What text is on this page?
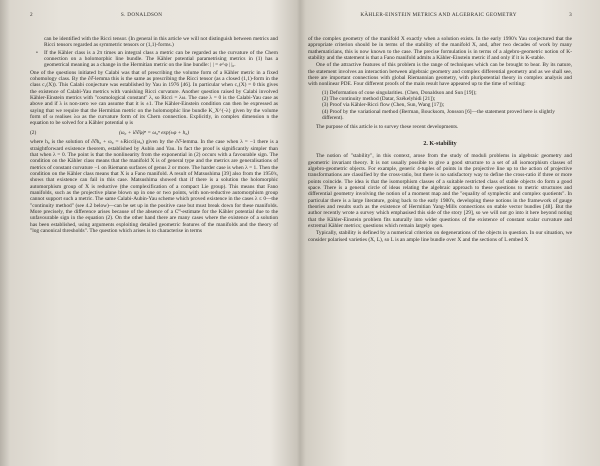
2	S. DONALDSON

can be identified with the Ricci tensor. (In general in this article we will not distinguish between metrics and Ricci tensors regarded as symmetric tensors or (1,1)-forms.)

• If the Kähler class is a 2π times an integral class a metric can be regarded as the curvature of the Chern connection on a holomorphic line bundle. The Kähler potential parametrising metrics in (1) has a geometrical meaning as a change in the Hermitian metric on the line bundle: | | = e^φ | |₀.

One of the questions initiated by Calabi was that of prescribing the volume form of a Kähler metric in a fixed cohomology class. By the ∂∂̄-lemma this is the same as prescribing the Ricci tensor (as a closed (1,1)-form in the class c₁(X)). This Calabi conjecture was established by Yau in 1976 [46]. In particular when c₁(X) = 0 this gives the existence of Calabi-Yau metrics with vanishing Ricci curvature. Another question raised by Calabi involved Kähler-Einstein metrics with "cosmological constant" λ, so Ricci = λω. The case λ = 0 is the Calabi-Yau case as above and if λ is non-zero we can assume that it is ±1. The Kähler-Einstein condition can then be expressed as saying that we require that the Hermitian metric on the holomorphic line bundle K_X^{-λ} given by the volume form of ω realises λω as the curvature form of its Chern connection. Explicitly, in complex dimension n the equation to be solved for a Kähler potential φ is

(2)	(ω₀ + i∂∂̄φ)ⁿ = ω₀ⁿ exp(±φ + h₀)

where h₀ is the solution of ∂∂̄h₀ + ω₀ = ±Ricci(ω₀) given by the ∂∂̄-lemma. In the case when λ = −1 there is a straightforward existence theorem, established by Aubin and Yau. In fact the proof is significantly simpler than that when λ = 0. The point is that the nonlinearity from the exponential in (2) occurs with a favourable sign. The condition on the Kähler class means that the manifold X is of general type and the metrics are generalisations of metrics of constant curvature −1 on Riemann surfaces of genus 2 or more. The harder case is when λ = 1. Then the condition on the Kähler class means that X is a Fano manifold. A result of Matsushima [39] also from the 1950's, shows that existence can fail in this case. Matsushima showed that if there is a solution the holomorphic automorphism group of X is reductive (the complexification of a compact Lie group). This means that Fano manifolds, such as the projective plane blown up in one or two points, with non-reductive automorphism group cannot support such a metric. The same Calabi-Aubin-Yau scheme which proved existence in the cases λ ≤ 0—the "continuity method" (see 4.2 below)—can be set up in the positive case but must break down for these manifolds. More precisely, the difference arises because of the absence of a C⁰-estimate for the Kähler potential due to the unfavourable sign in the equation (2). On the other hand there are many cases where the existence of a solution has been established, using arguments exploiting detailed geometric features of the manifolds and the theory of "log canonical thresholds". The question which arises is to characterise in terms

KÄHLER-EINSTEIN METRICS AND ALGEBRAIC GEOMETRY	3

of the complex geometry of the manifold X exactly when a solution exists. In the early 1990's Yau conjectured that the appropriate criterion should be in terms of the stability of the manifold X, and, after two decades of work by many mathematicians, this is now known to the case. The precise formulation is in terms of a algebro-geometric notion of K-stability and the statement is that a Fano manifold admits a Kähler-Einstein metric if and only if it is K-stable.

One of the attractive features of this problem is the range of techniques which can be brought to bear. By its nature, the statement involves an interaction between algebraic geometry and complex differential geometry and as we shall see, there are important connections with global Riemannian geometry, with pluripotential theory in complex analysis and with nonlinear PDE. Four different proofs of the main result have appeared up to the time of writing:

(1) Deformation of cone singularities. (Chen, Donaldson and Sun [19]);
(2) The continuity method (Datar, Székelyhidi [21]);
(3) Proof via Kähler-Ricci flow (Chen, Sun, Wang [17]);
(4) Proof by the variational method (Berman, Boucksom, Jonsson [6]—the statement proved here is slightly different).

The purpose of this article is to survey these recent developments.

2. K-stability

The notion of "stability", in this context, arose from the study of moduli problems in algebraic geometry and geometric invariant theory. It is not usually possible to give a good structure to a set of all isomorphism classes of algebro-geometric objects. For example, generic 4-tuples of points in the projective line up to the action of projective transformations are classified by the cross-ratio, but there is no satisfactory way to define the cross-ratio if three or more points coincide. The idea is that the isomorphism classes of a suitable restricted class of stable objects do form a good space. There is a general circle of ideas relating the algebraic approach to these questions to metric structures and differential geometry involving the notion of a moment map and the "equality of symplectic and complex quotients". In particular there is a large literature, going back to the early 1980's, developing these notions in the framework of gauge theories and results such as the existence of Hermitian Yang-Mills connections on stable vector bundles [48]. But the author recently wrote a survey which emphasised this side of the story [29], so we will not go into it here beyond noting that the Kähler-Einstein problem fits naturally into wider questions of the existence of constant scalar curvature and extremal Kähler metrics; questions which remain largely open.

Typically, stability is defined by a numerical criterion on degenerations of the objects in question. In our situation, we consider polarised varieties (X, L), so L is an ample line bundle over X and the sections of L embed X
